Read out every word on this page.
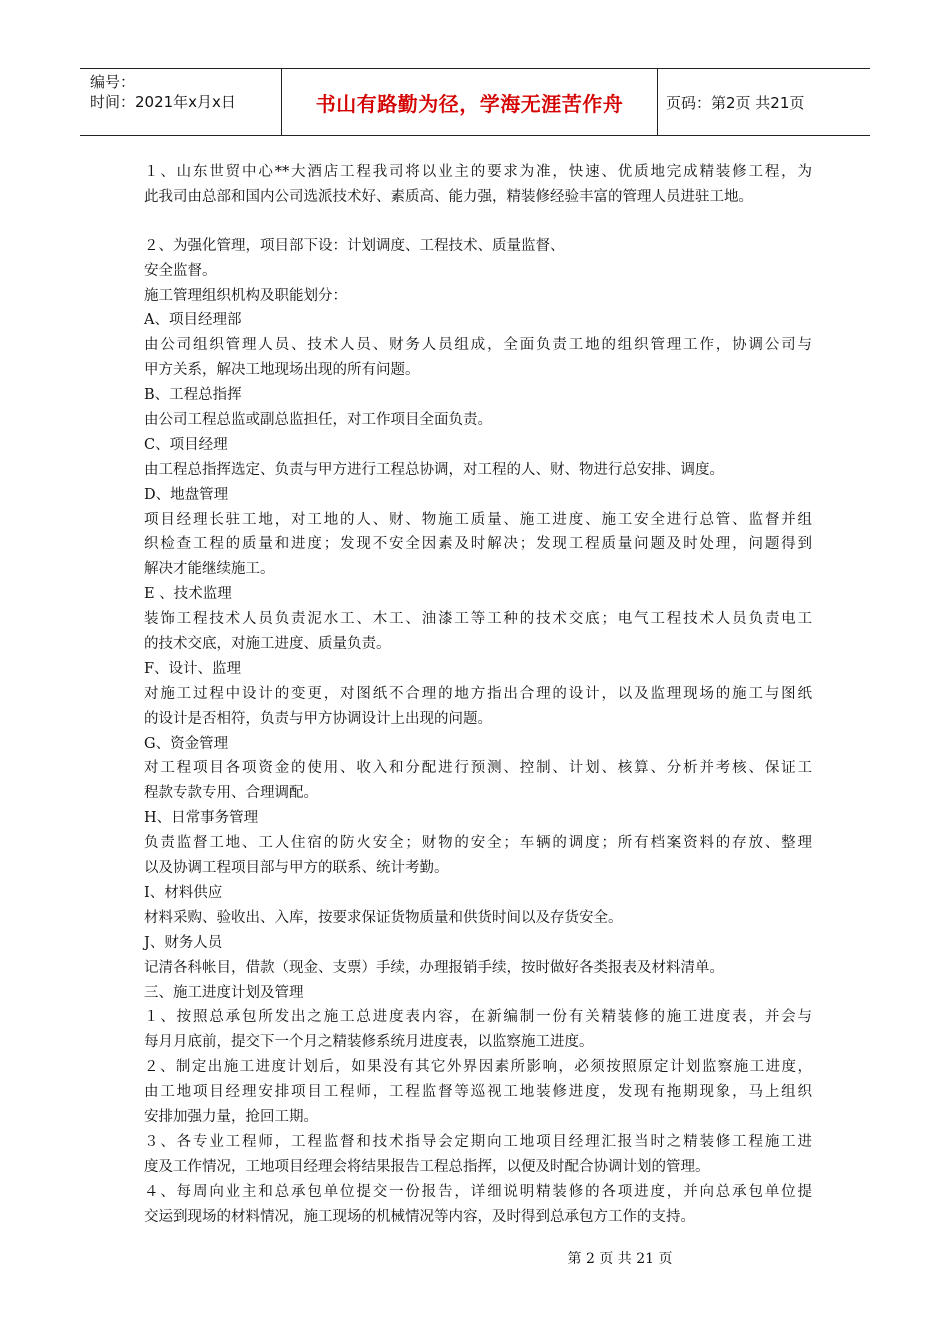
编号：
时间：2021年x月x日	书山有路勤为径，学海无涯苦作舟	页码：第2页 共21页
１、山东世贸中心**大酒店工程我司将以业主的要求为准，快速、优质地完成精装修工程，为
此我司由总部和国内公司选派技术好、素质高、能力强，精装修经验丰富的管理人员进驻工地。
２、为强化管理，项目部下设：计划调度、工程技术、质量监督、
安全监督。
施工管理组织机构及职能划分：
A、项目经理部
由公司组织管理人员、技术人员、财务人员组成，全面负责工地的组织管理工作，协调公司与
甲方关系，解决工地现场出现的所有问题。
B、工程总指挥
由公司工程总监或副总监担任，对工作项目全面负责。
C、项目经理
由工程总指挥选定、负责与甲方进行工程总协调，对工程的人、财、物进行总安排、调度。
D、地盘管理
项目经理长驻工地，对工地的人、财、物施工质量、施工进度、施工安全进行总管、监督并组
织检查工程的质量和进度；发现不安全因素及时解决；发现工程质量问题及时处理，问题得到
解决才能继续施工。
E 、技术监理
装饰工程技术人员负责泥水工、木工、油漆工等工种的技术交底；电气工程技术人员负责电工
的技术交底，对施工进度、质量负责。
F、设计、监理
对施工过程中设计的变更，对图纸不合理的地方指出合理的设计，以及监理现场的施工与图纸
的设计是否相符，负责与甲方协调设计上出现的问题。
G、资金管理
对工程项目各项资金的使用、收入和分配进行预测、控制、计划、核算、分析并考核、保证工
程款专款专用、合理调配。
H、日常事务管理
负责监督工地、工人住宿的防火安全；财物的安全；车辆的调度；所有档案资料的存放、整理
以及协调工程项目部与甲方的联系、统计考勤。
I、材料供应
材料采购、验收出、入库，按要求保证货物质量和供货时间以及存货安全。
J、财务人员
记清各科帐目，借款（现金、支票）手续，办理报销手续，按时做好各类报表及材料清单。
三、施工进度计划及管理
１、按照总承包所发出之施工总进度表内容，在新编制一份有关精装修的施工进度表，并会与
每月月底前，提交下一个月之精装修系统月进度表，以监察施工进度。
２、制定出施工进度计划后，如果没有其它外界因素所影响，必须按照原定计划监察施工进度，
由工地项目经理安排项目工程师，工程监督等巡视工地装修进度，发现有拖期现象，马上组织
安排加强力量，抢回工期。
３、各专业工程师，工程监督和技术指导会定期向工地项目经理汇报当时之精装修工程施工进
度及工作情况，工地项目经理会将结果报告工程总指挥，以便及时配合协调计划的管理。
４、每周向业主和总承包单位提交一份报告，详细说明精装修的各项进度，并向总承包单位提
交运到现场的材料情况，施工现场的机械情况等内容，及时得到总承包方工作的支持。
第 2 页 共 21 页
